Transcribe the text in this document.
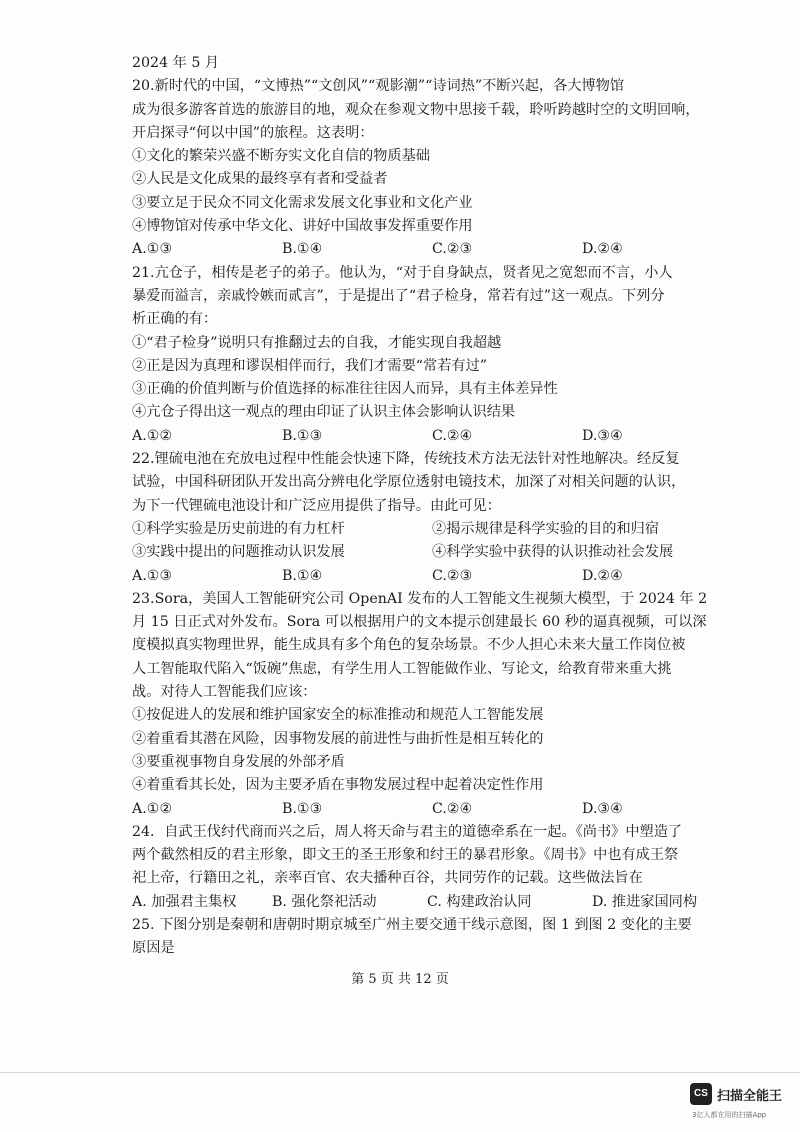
2024 年 5 月
20.新时代的中国，“文博热”“文创风”“观影潮”“诗词热”不断兴起，各大博物馆
成为很多游客首选的旅游目的地，观众在参观文物中思接千载，聆听跨越时空的文明回响，
开启探寻“何以中国”的旅程。这表明：
①文化的繁荣兴盛不断夯实文化自信的物质基础
②人民是文化成果的最终享有者和受益者
③要立足于民众不同文化需求发展文化事业和文化产业
④博物馆对传承中华文化、讲好中国故事发挥重要作用
A.①③	B.①④	C.②③	D.②④
21.亢仓子，相传是老子的弟子。他认为，“对于自身缺点，贤者见之宽恕而不言，小人
暴爱而溢言，亲戚怜嫉而贰言”，于是提出了“君子检身，常若有过”这一观点。下列分
析正确的有：
①“君子检身”说明只有推翻过去的自我，才能实现自我超越
②正是因为真理和谬误相伴而行，我们才需要“常若有过”
③正确的价值判断与价值选择的标准往往因人而异，具有主体差异性
④亢仓子得出这一观点的理由印证了认识主体会影响认识结果
A.①②	B.①③	C.②④	D.③④
22.锂硫电池在充放电过程中性能会快速下降，传统技术方法无法针对性地解决。经反复
试验，中国科研团队开发出高分辨电化学原位透射电镜技术，加深了对相关问题的认识，
为下一代锂硫电池设计和广泛应用提供了指导。由此可见：
①科学实验是历史前进的有力杠杆	②揭示规律是科学实验的目的和归宿
③实践中提出的问题推动认识发展	④科学实验中获得的认识推动社会发展
A.①③	B.①④	C.②③	D.②④
23.Sora，美国人工智能研究公司 OpenAI 发布的人工智能文生视频大模型，于 2024 年 2
月 15 日正式对外发布。Sora 可以根据用户的文本提示创建最长 60 秒的逼真视频，可以深
度模拟真实物理世界，能生成具有多个角色的复杂场景。不少人担心未来大量工作岗位被
人工智能取代陷入“饭碗”焦虑，有学生用人工智能做作业、写论文，给教育带来重大挑
战。对待人工智能我们应该：
①按促进人的发展和维护国家安全的标准推动和规范人工智能发展
②着重看其潜在风险，因事物发展的前进性与曲折性是相互转化的
③要重视事物自身发展的外部矛盾
④着重看其长处，因为主要矛盾在事物发展过程中起着决定性作用
A.①②	B.①③	C.②④	D.③④
24．自武王伐纣代商而兴之后，周人将天命与君主的道德牵系在一起。《尚书》中塑造了
两个截然相反的君主形象，即文王的圣王形象和纣王的暴君形象。《周书》中也有成王祭
祀上帝，行籍田之礼，亲率百官、农夫播种百谷，共同劳作的记载。这些做法旨在
A. 加强君主集权	B. 强化祭祀活动	C. 构建政治认同	D. 推进家国同构
25. 下图分别是秦朝和唐朝时期京城至广州主要交通干线示意图，图 1 到图 2 变化的主要
原因是
第 5 页 共 12 页
CS 扫描全能王
3亿人都在用的扫描App
